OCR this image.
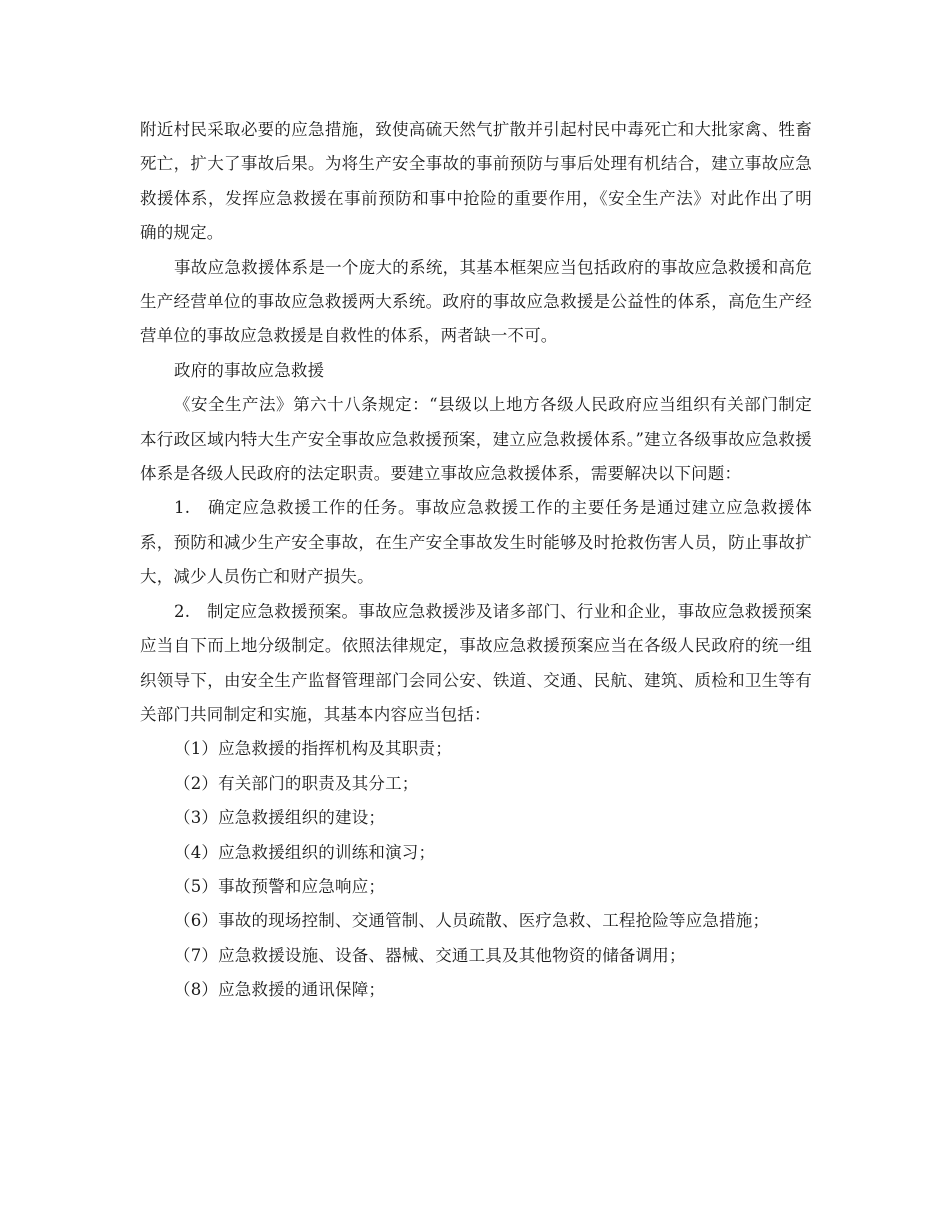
附近村民采取必要的应急措施，致使高硫天然气扩散并引起村民中毒死亡和大批家禽、牲畜死亡，扩大了事故后果。为将生产安全事故的事前预防与事后处理有机结合，建立事故应急救援体系，发挥应急救援在事前预防和事中抢险的重要作用，《安全生产法》对此作出了明确的规定。

事故应急救援体系是一个庞大的系统，其基本框架应当包括政府的事故应急救援和高危生产经营单位的事故应急救援两大系统。政府的事故应急救援是公益性的体系，高危生产经营单位的事故应急救援是自救性的体系，两者缺一不可。

政府的事故应急救援

《安全生产法》第六十八条规定：“县级以上地方各级人民政府应当组织有关部门制定本行政区域内特大生产安全事故应急救援预案，建立应急救援体系。”建立各级事故应急救援体系是各级人民政府的法定职责。要建立事故应急救援体系，需要解决以下问题：

1.　确定应急救援工作的任务。事故应急救援工作的主要任务是通过建立应急救援体系，预防和减少生产安全事故，在生产安全事故发生时能够及时抢救伤害人员，防止事故扩大，减少人员伤亡和财产损失。

2.　制定应急救援预案。事故应急救援涉及诸多部门、行业和企业，事故应急救援预案应当自下而上地分级制定。依照法律规定，事故应急救援预案应当在各级人民政府的统一组织领导下，由安全生产监督管理部门会同公安、铁道、交通、民航、建筑、质检和卫生等有关部门共同制定和实施，其基本内容应当包括：

（1）应急救援的指挥机构及其职责；

（2）有关部门的职责及其分工；

（3）应急救援组织的建设；

（4）应急救援组织的训练和演习；

（5）事故预警和应急响应；

（6）事故的现场控制、交通管制、人员疏散、医疗急救、工程抢险等应急措施；

（7）应急救援设施、设备、器械、交通工具及其他物资的储备调用；

（8）应急救援的通讯保障；
